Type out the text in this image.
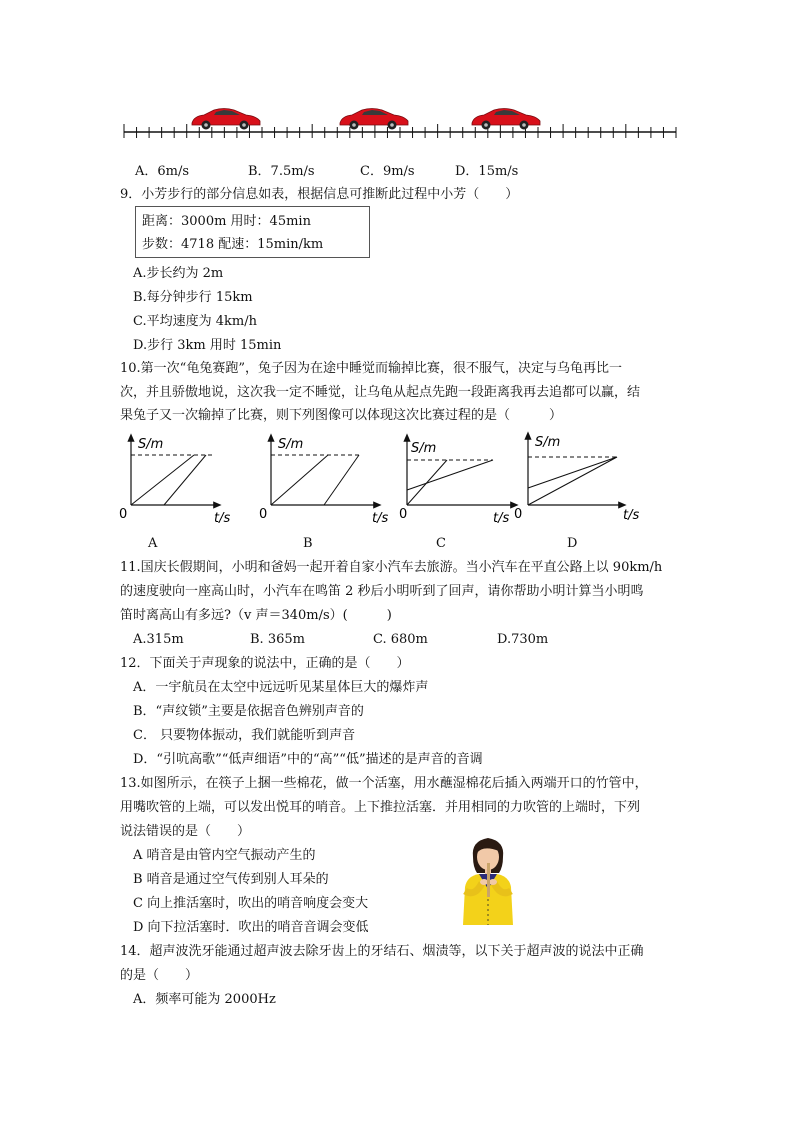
A．6m/s	B．7.5m/s	C．9m/s	D．15m/s
9．小芳步行的部分信息如表，根据信息可推断此过程中小芳（　　）
距离：3000m 用时：45min
步数：4718 配速：15min/km
A.步长约为 2m
B.每分钟步行 15km
C.平均速度为 4km/h
D.步行 3km 用时 15min
10.第一次“龟兔赛跑”，兔子因为在途中睡觉而输掉比赛，很不服气，决定与乌龟再比一
次，并且骄傲地说，这次我一定不睡觉，让乌龟从起点先跑一段距离我再去追都可以赢，结
果兔子又一次输掉了比赛，则下列图像可以体现这次比赛过程的是（　　　）
S/m
t/s
0
A
S/m
t/s
0
B
S/m
t/s
0
C
S/m
t/s
0
D
11.国庆长假期间，小明和爸妈一起开着自家小汽车去旅游。当小汽车在平直公路上以 90km/h
的速度驶向一座高山时，小汽车在鸣笛 2 秒后小明听到了回声，请你帮助小明计算当小明鸣
笛时离高山有多远?（v 声＝340m/s）(　　　)
A.315m	B. 365m	C. 680m	D.730m
12．下面关于声现象的说法中，正确的是（　　）
A．一宇航员在太空中远远听见某星体巨大的爆炸声
B．“声纹锁”主要是依据音色辨别声音的
C． 只要物体振动，我们就能听到声音
D．“引吭高歌”“低声细语”中的“高”“低”描述的是声音的音调
13.如图所示，在筷子上捆一些棉花，做一个活塞，用水蘸湿棉花后插入两端开口的竹管中，
用嘴吹管的上端，可以发出悦耳的哨音。上下推拉活塞．并用相同的力吹管的上端时，下列
说法错误的是（　　）
A 哨音是由管内空气振动产生的
B 哨音是通过空气传到别人耳朵的
C 向上推活塞时，吹出的哨音响度会变大
D 向下拉活塞时．吹出的哨音音调会变低
14．超声波洗牙能通过超声波去除牙齿上的牙结石、烟渍等，以下关于超声波的说法中正确
的是（　　）
A．频率可能为 2000Hz
